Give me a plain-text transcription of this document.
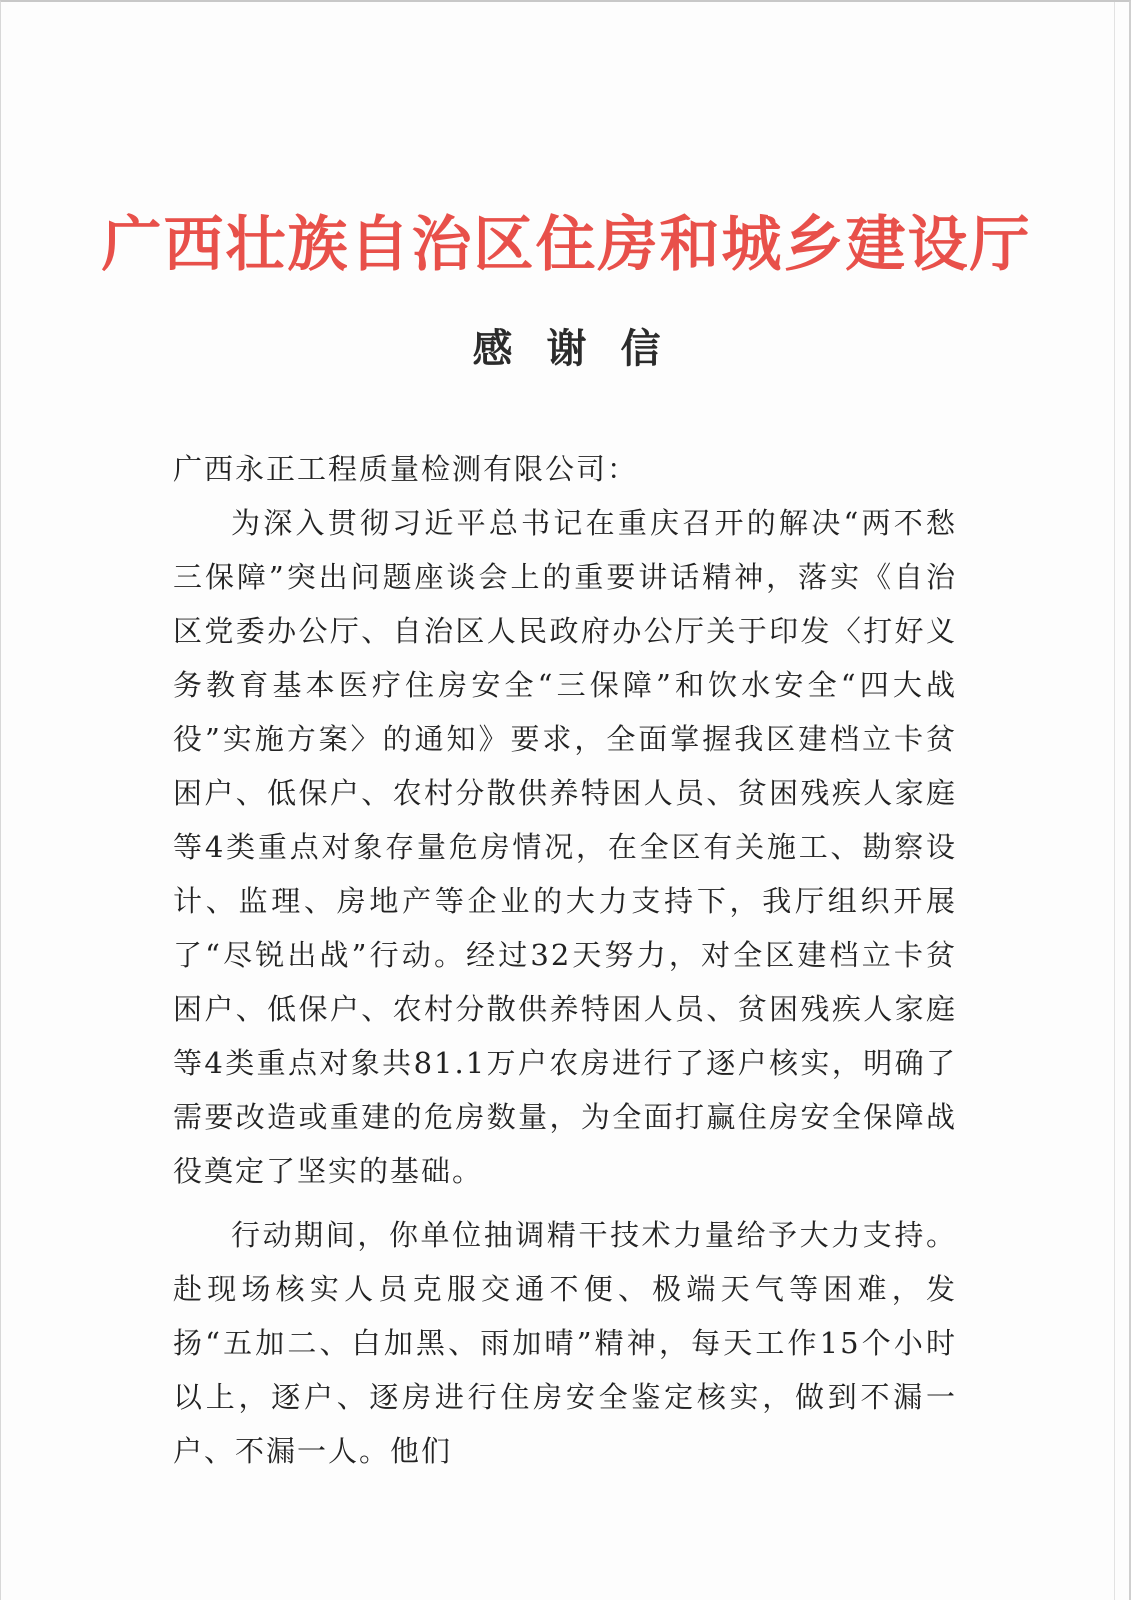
广西壮族自治区住房和城乡建设厅
感谢信

广西永正工程质量检测有限公司：

为深入贯彻习近平总书记在重庆召开的解决“两不愁三保障”突出问题座谈会上的重要讲话精神，落实《自治区党委办公厅、自治区人民政府办公厅关于印发〈打好义务教育基本医疗住房安全“三保障”和饮水安全“四大战役”实施方案〉的通知》要求，全面掌握我区建档立卡贫困户、低保户、农村分散供养特困人员、贫困残疾人家庭等4类重点对象存量危房情况，在全区有关施工、勘察设计、监理、房地产等企业的大力支持下，我厅组织开展了“尽锐出战”行动。经过32天努力，对全区建档立卡贫困户、低保户、农村分散供养特困人员、贫困残疾人家庭等4类重点对象共81.1万户农房进行了逐户核实，明确了需要改造或重建的危房数量，为全面打赢住房安全保障战役奠定了坚实的基础。

行动期间，你单位抽调精干技术力量给予大力支持。赴现场核实人员克服交通不便、极端天气等困难，发扬“五加二、白加黑、雨加晴”精神，每天工作15个小时以上，逐户、逐房进行住房安全鉴定核实，做到不漏一户、不漏一人。他们
